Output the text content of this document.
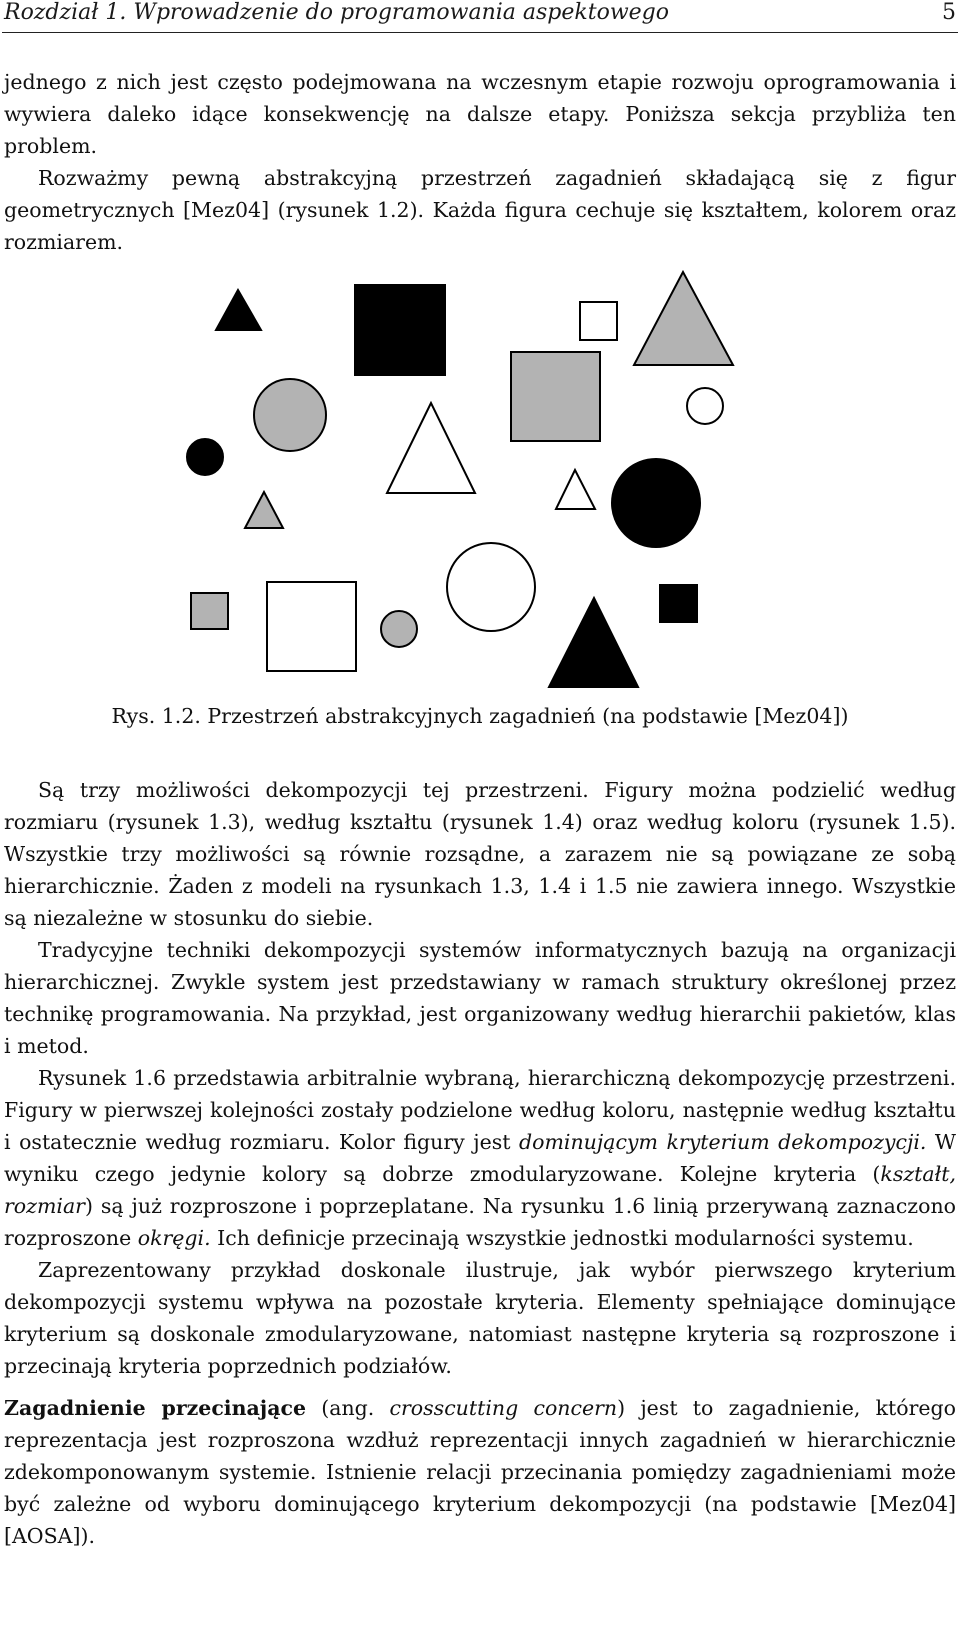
Rozdział 1. Wprowadzenie do programowania aspektowego	5

jednego z nich jest często podejmowana na wczesnym etapie rozwoju oprogramowania i wywiera daleko idące konsekwencję na dalsze etapy. Poniższa sekcja przybliża ten problem.

Rozważmy pewną abstrakcyjną przestrzeń zagadnień składającą się z figur geometrycznych [Mez04] (rysunek 1.2). Każda figura cechuje się kształtem, kolorem oraz rozmiarem.

Rys. 1.2. Przestrzeń abstrakcyjnych zagadnień (na podstawie [Mez04])

Są trzy możliwości dekompozycji tej przestrzeni. Figury można podzielić według rozmiaru (rysunek 1.3), według kształtu (rysunek 1.4) oraz według koloru (rysunek 1.5). Wszystkie trzy możliwości są równie rozsądne, a zarazem nie są powiązane ze sobą hierarchicznie. Żaden z modeli na rysunkach 1.3, 1.4 i 1.5 nie zawiera innego. Wszystkie są niezależne w stosunku do siebie.

Tradycyjne techniki dekompozycji systemów informatycznych bazują na organizacji hierarchicznej. Zwykle system jest przedstawiany w ramach struktury określonej przez technikę programowania. Na przykład, jest organizowany według hierarchii pakietów, klas i metod.

Rysunek 1.6 przedstawia arbitralnie wybraną, hierarchiczną dekompozycję przestrzeni. Figury w pierwszej kolejności zostały podzielone według koloru, następnie według kształtu i ostatecznie według rozmiaru. Kolor figury jest dominującym kryterium dekompozycji. W wyniku czego jedynie kolory są dobrze zmodularyzowane. Kolejne kryteria (kształt, rozmiar) są już rozproszone i poprzeplatane. Na rysunku 1.6 linią przerywaną zaznaczono rozproszone okręgi. Ich definicje przecinają wszystkie jednostki modularności systemu.

Zaprezentowany przykład doskonale ilustruje, jak wybór pierwszego kryterium dekompozycji systemu wpływa na pozostałe kryteria. Elementy spełniające dominujące kryterium są doskonale zmodularyzowane, natomiast następne kryteria są rozproszone i przecinają kryteria poprzednich podziałów.

Zagadnienie przecinające (ang. crosscutting concern) jest to zagadnienie, którego reprezentacja jest rozproszona wzdłuż reprezentacji innych zagadnień w hierarchicznie zdekomponowanym systemie. Istnienie relacji przecinania pomiędzy zagadnieniami może być zależne od wyboru dominującego kryterium dekompozycji (na podstawie [Mez04][AOSA]).
